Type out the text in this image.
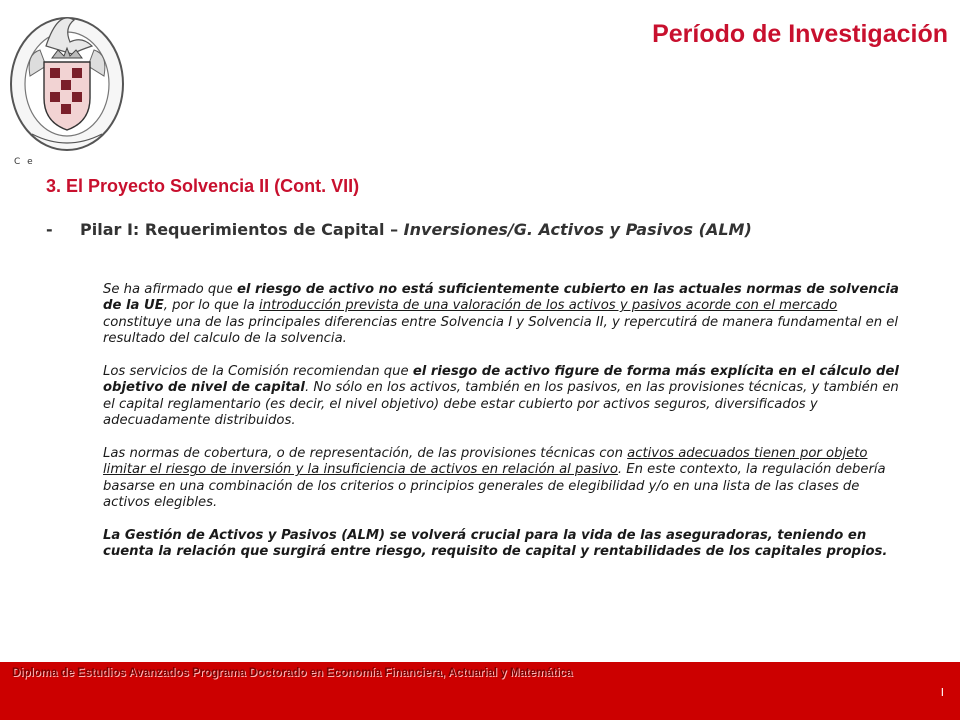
Período de Investigación
C e
3. El Proyecto Solvencia II (Cont. VII)

- Pilar I: Requerimientos de Capital – Inversiones/G. Activos y Pasivos (ALM)

Se ha afirmado que el riesgo de activo no está suficientemente cubierto en las actuales normas de solvencia de la UE, por lo que la introducción prevista de una valoración de los activos y pasivos acorde con el mercado constituye una de las principales diferencias entre Solvencia I y Solvencia II, y repercutirá de manera fundamental en el resultado del calculo de la solvencia.

Los servicios de la Comisión recomiendan que el riesgo de activo figure de forma más explícita en el cálculo del objetivo de nivel de capital. No sólo en los activos, también en los pasivos, en las provisiones técnicas, y también en el capital reglamentario (es decir, el nivel objetivo) debe estar cubierto por activos seguros, diversificados y adecuadamente distribuidos.

Las normas de cobertura, o de representación, de las provisiones técnicas con activos adecuados tienen por objeto limitar el riesgo de inversión y la insuficiencia de activos en relación al pasivo. En este contexto, la regulación debería basarse en una combinación de los criterios o principios generales de elegibilidad y/o en una lista de las clases de activos elegibles.

La Gestión de Activos y Pasivos (ALM) se volverá crucial para la vida de las aseguradoras, teniendo en cuenta la relación que surgirá entre riesgo, requisito de capital y rentabilidades de los capitales propios.

Diploma de Estudios Avanzados Programa Doctorado en Economía Financiera, Actuarial y Matemática
I
